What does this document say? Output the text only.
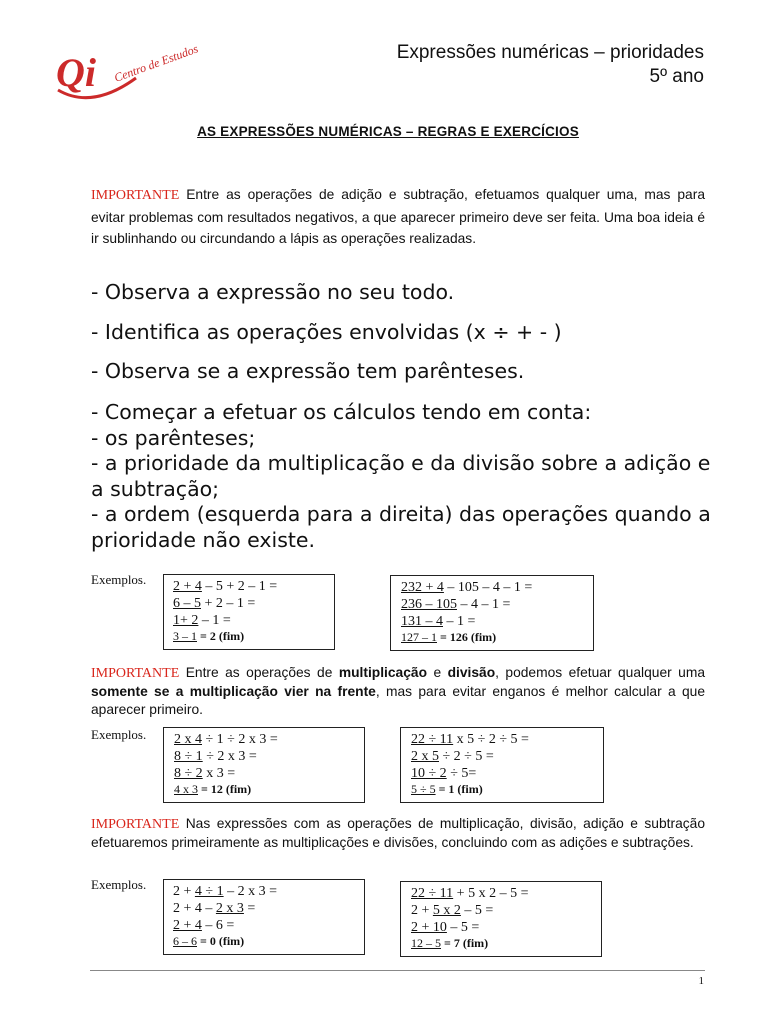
Qi Centro de Estudos	Expressões numéricas – prioridades
5º ano
AS EXPRESSÕES NUMÉRICAS – REGRAS E EXERCÍCIOS
IMPORTANTE Entre as operações de adição e subtração, efetuamos qualquer uma, mas para evitar problemas com resultados negativos, a que aparecer primeiro deve ser feita. Uma boa ideia é ir sublinhando ou circundando a lápis as operações realizadas.
- Observa a expressão no seu todo.
- Identifica as operações envolvidas (x ÷ + - )
- Observa se a expressão tem parênteses.
- Começar a efetuar os cálculos tendo em conta:
- os parênteses;
- a prioridade da multiplicação e da divisão sobre a adição e a subtração;
- a ordem (esquerda para a direita) das operações quando a prioridade não existe.
Exemplos. 2 + 4 – 5 + 2 – 1 =
6 – 5 + 2 – 1 =
1+ 2 – 1 =
3 – 1 = 2 (fim)
232 + 4 – 105 – 4 – 1 =
236 – 105 – 4 – 1 =
131 – 4 – 1 =
127 – 1 = 126 (fim)
IMPORTANTE Entre as operações de multiplicação e divisão, podemos efetuar qualquer uma somente se a multiplicação vier na frente, mas para evitar enganos é melhor calcular a que aparecer primeiro.
Exemplos. 2 x 4 ÷ 1 ÷ 2 x 3 =
8 ÷ 1 ÷ 2 x 3 =
8 ÷ 2 x 3 =
4 x 3 = 12 (fim)
22 ÷ 11 x 5 ÷ 2 ÷ 5 =
2 x 5 ÷ 2 ÷ 5 =
10 ÷ 2 ÷ 5=
5 ÷ 5 = 1 (fim)
IMPORTANTE Nas expressões com as operações de multiplicação, divisão, adição e subtração efetuaremos primeiramente as multiplicações e divisões, concluindo com as adições e subtrações.
Exemplos. 2 + 4 ÷ 1 – 2 x 3 =
2 + 4 – 2 x 3 =
2 + 4 – 6 =
6 – 6 = 0 (fim)
22 ÷ 11 + 5 x 2 – 5 =
2 + 5 x 2 – 5 =
2 + 10 – 5 =
12 – 5 = 7 (fim)
1
